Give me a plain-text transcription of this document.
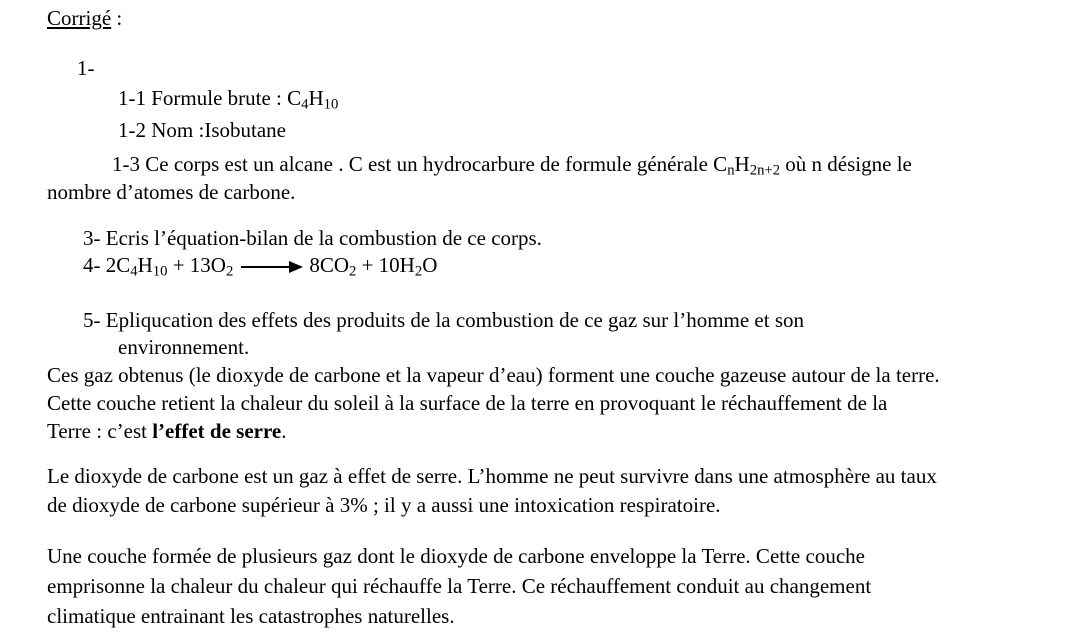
Corrigé :
1-
1-1 Formule brute : $C_4H_{10}$
1-2 Nom :Isobutane
1-3 Ce corps est un alcane . C est un hydrocarbure de formule générale $C_nH_{2n+2}$ où n désigne le
nombre d’atomes de carbone.
3- Ecris l’équation-bilan de la combustion de ce corps.
4- $2C_4H_{10} + 13O_2 \to 8CO_2 + 10H_2O$
5- Epliqucation des effets des produits de la combustion de ce gaz sur l’homme et son
environnement.
Ces gaz obtenus (le dioxyde de carbone et la vapeur d’eau) forment une couche gazeuse autour de la terre.
Cette couche retient la chaleur du soleil à la surface de la terre en provoquant le réchauffement de la
Terre : c’est l’effet de serre.
Le dioxyde de carbone est un gaz à effet de serre. L’homme ne peut survivre dans une atmosphère au taux
de dioxyde de carbone supérieur à 3% ; il y a aussi une intoxication respiratoire.
Une couche formée de plusieurs gaz dont le dioxyde de carbone enveloppe la Terre. Cette couche
emprisonne la chaleur du chaleur qui réchauffe la Terre. Ce réchauffement conduit au changement
climatique entrainant les catastrophes naturelles.
